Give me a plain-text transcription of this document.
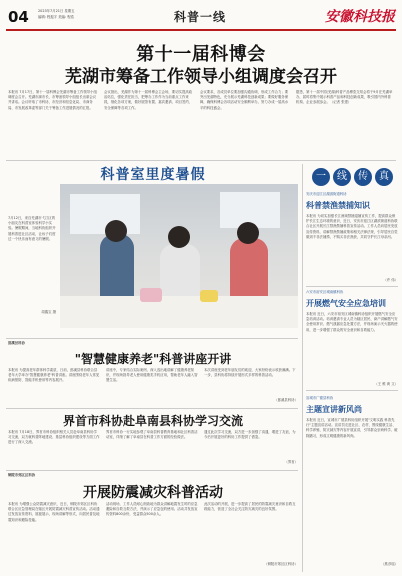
04	2023年7月21日 星期五
编辑: 程振宇 美编: 程浩	科普一线	安徽科技报
第十一届科博会
芜湖市筹备工作领导小组调度会召开
本报讯 7月17日，第十一届科博会芜湖市筹备工作领导小组调度会召开。芜湖市副市长、市筹备领导小组组长出席会议并讲话。会议听取了市科协、市经济和信息化局、市商务局、市发展改革委等部门关于筹备工作进展情况的汇报。
会议指出，芜湖作为第十一届科博会主会场，要切实提高政治站位，强化责任担当，把筹办工作作为当前重点工作来抓，细化各项方案，做好展馆布置、嘉宾邀请、项目签约、安全保障等各项工作。
会议要求，各成员单位要加强沟通协调，形成工作合力；要突出芜湖特色，充分展示芜湖科技创新成果；要做好服务保障，确保科博会各项活动安全顺利举办，努力办成一届高水平的科技盛会。
据悉，第十一届中国(芜湖)科普产品博览交易会将于9月在芜湖举办，届时将集中展示科普产品和科技创新成果，吸引国内外科普机构、企业参展参会。（记者 张建）
科普室里度暑假
7月12日，来自芜湖市弋江区的小朋友在科普室体验科学小实验。暑假期间，当地科协组织开展科普进社区活动，让孩子们度过一个快乐而有意义的暑假。
周鑫宝 摄
一	线	传	真
安庆市迎江区湖滨街道科协
科普禁渔禁捕知识
本报讯 为切实加强长江流域禁捕退捕宣传工作，提高群众保护长江生态环境的意识，近日，安庆市迎江区湖滨街道科协联合社区开展长江禁渔禁捕科普宣传活动。工作人员向居民发放宣传资料，讲解禁渔禁捕政策和相关法律法规，引导居民自觉做到不非法捕捞、不购买非法渔获，共同守护长江母亲河。
（许 伟）
六安市裕安区城南镇科协
开展燃气安全应急培训
本报讯 近日，六安市裕安区城南镇科协组织开展燃气安全应急培训活动。培训邀请专业人员为辖区居民、商户讲解燃气安全使用常识、燃气泄漏应急处置方法，并现场演示灭火器的使用，进一步增强了群众的安全意识和自救能力。
（王 维 黄 文）
宣城市广德县科协
主题宣讲新风尚
本报讯 近日，宣城市广德县科协组织开展"文明实践 科普先行"主题宣讲活动。宣讲员走进社区、农村，围绕健康生活、科学养殖、防灾减灾等内容开展宣讲，引导群众崇尚科学、破除陋习，形成文明健康的新风尚。
（燕彦瑶）
郎溪县科协
"智慧健康养老"科普讲座开讲
本报讯 为提高老年群体科学素质，日前，郎溪县科协联合县老年大学举办"智慧健康养老"科普讲座。讲座围绕老年人常见疾病预防、智能手机使用等内容展开。
讲座中，专家结合实际案例，深入浅出地讲解了健康养老知识，并现场指导老人使用健康类手机应用，帮助老年人融入智慧生活。
本次讲座受到老年朋友们的欢迎，大家纷纷表示收获满满。下一步，县科协将持续开展形式多样的科普活动。
（郎溪县科协）
界首市科协赴阜南县科协学习交流
本报讯 7月18日，界首市科协组织相关人员赴阜南县科协学习交流，双方就科普阵地建设、基层科协组织建设等方面工作进行了深入交流。
界首市科协一行实地参观了阜南县科普教育基地和社区科普活动室，详细了解了阜南县在科普工作方面的经验做法。
通过此次学习交流，双方进一步加强了沟通，增进了友谊，为今后开展更好的科协工作提供了借鉴。
（界首）
铜陵市郊区区科协
开展防震减灾科普活动
本报讯 为增强公众防震减灾意识，近日，铜陵市郊区区科协联合区应急管理局在辖区开展防震减灾科普宣传活动。活动通过发放宣传资料、展板展示、现场讲解等形式，向居民普及地震知识和避险技能。
活动现场，工作人员耐心细致地为群众讲解地震发生时的应急避险和自救互救方法，并演示了应急包的使用。活动共发放宣传资料800余份，受益群众500余人。
此次活动的开展，进一步提高了居民的防震减灾意识和自救互救能力，营造了全社会关注防灾减灾的良好氛围。
（铜陵市郊区区科协）
